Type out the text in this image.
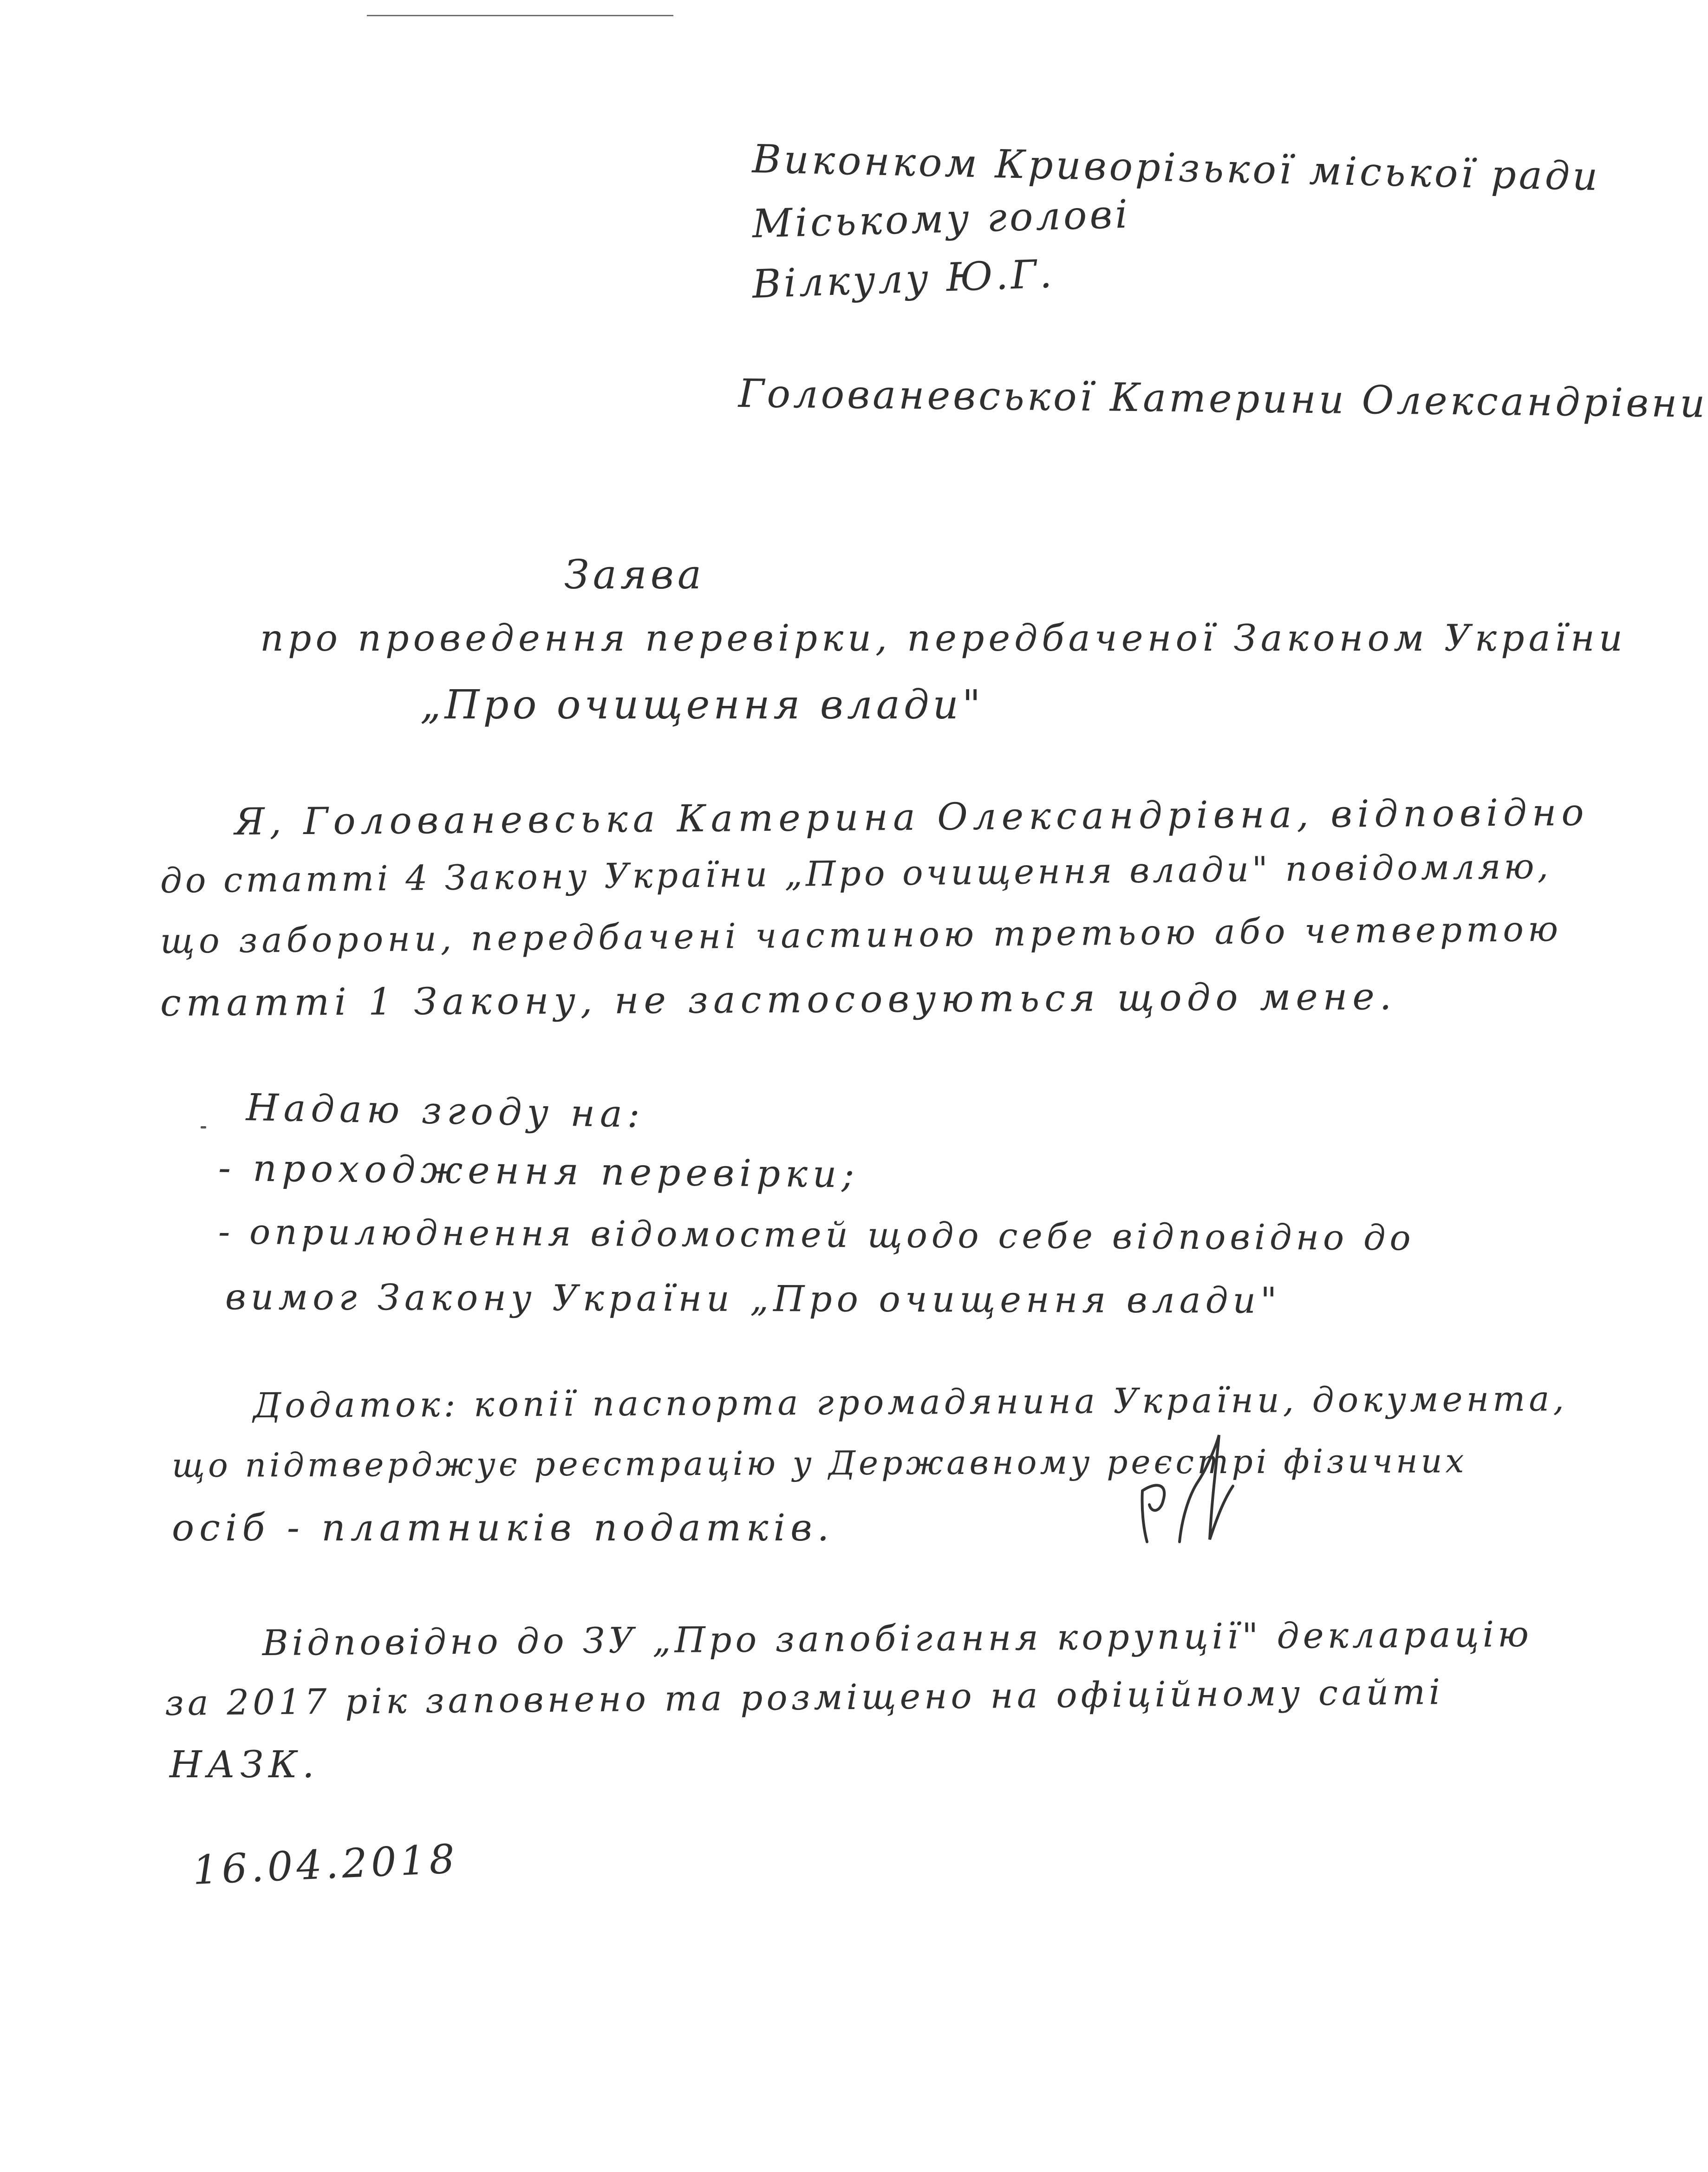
Виконком Криворізької міської ради
Міському голові
Вілкулу Ю.Г.
Голованевської Катерини Олександрівни
Заява
про проведення перевірки, передбаченої Законом України
„Про очищення влади"
Я, Голованевська Катерина Олександрівна, відповідно
до статті 4 Закону України „Про очищення влади" повідомляю,
що заборони, передбачені частиною третьою або четвертою
статті 1 Закону, не застосовуються щодо мене.
Надаю згоду на:
- проходження перевірки;
- оприлюднення відомостей щодо себе відповідно до
вимог Закону України „Про очищення влади"
Додаток: копії паспорта громадянина України, документа,
що підтверджує реєстрацію у Державному реєстрі фізичних
осіб - платників податків.
Відповідно до ЗУ „Про запобігання корупції" декларацію
за 2017 рік заповнено та розміщено на офіційному сайті
НАЗК.
16.04.2018
